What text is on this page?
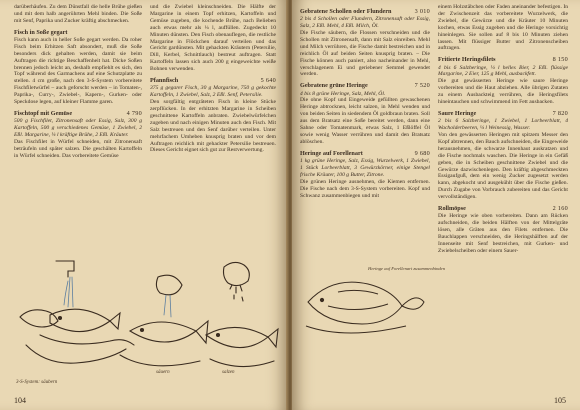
darüberhäufen. Zu dem Dünstfall die helle Brühe gießen und mit dem halb angerührten Mehl binden. Die Soße mit Senf, Paprika und Zucker kräftig abschmecken.

Fisch in Soße gegart

Fisch kann auch in heller Soße gegart werden. Da roher Fisch beim Erhitzen Saft absondert, muß die Soße besonders dick gehalten werden, damit sie beim Auftragen die richtige Beschaffenheit hat. Dicke Soßen brennen jedoch leicht an, deshalb empfiehlt es sich, den Topf während des Garmachens auf eine Schutzplatte zu stellen. 4 cm große, nach den 3-S-System vorbereitete Fischfiletwürfel – auch geforscht werden – in Tomaten-, Paprika-, Curry-, Zwiebel-, Kapern-, Gurken- oder Speckdose legen, auf kleiner Flamme garen.

Fischtopf mit Gemüse	4 790

500 g Fischfilet, Zitronensaft oder Essig, Salz, 300 g Kartoffeln, 500 g verschiedenes Gemüse, 1 Zwiebel, 2 Eßl. Margarine, ¼ l kräftige Brühe, 2 Eßl. Kräuter.

Das Fischfilet in Würfel schneiden, mit Zitronensaft beträufeln und später salzen. Die geschälten Kartoffeln in Würfel schneiden. Das vorbereitete Gemüse

und die Zwiebel kleinschneiden. Die Hälfte der Margarine in einem Topf erhitzen, Kartoffeln und Gemüse zugeben, die kochende Brühe, nach Belieben auch etwas mehr als ¼ l, auffüllen. Zugedeckt 10 Minuten dünsten. Den Fisch obenauflegen, die restliche Margarine in Flöckchen darauf verteilen und das Gericht gardünsten. Mit gehackten Kräutern (Petersilie, Dill, Kerbel, Schnittlauch) bestreut auftragen. Statt Kartoffeln lassen sich auch 200 g eingeweichte weiße Bohnen verwenden.

Pfannfisch	5 640

375 g gegarer Fisch, 30 g Margarine, 750 g gekochte Kartoffeln, 1 Zwiebel, Salz, 2 Eßl. Senf, Petersilie.

Den sorgfältig entgräteten Fisch in kleine Stücke zerpflücken. In der erhitzten Margarine in Scheiben geschnittene Kartoffeln anbraten. Zwiebelwürfelchen zugeben und nach einigen Minuten auch den Fisch. Mit Salz bestreuen und den Senf darüber verteilen. Unter mehrfachem Umheben knusprig braten und vor dem Auftragen reichlich mit gehackter Petersilie bestreuen. Dieses Gericht eignet sich gut zur Restverwertung.

3-S-System: säubern
säuern	salzen
104
Gebratene Schollen oder Flundern	3 010

2 bis 4 Schollen oder Flundern, Zitronensaft oder Essig, Salz, 2 Eßl. Mehl, 4 Eßl. Milch, Öl.

Die Fische säubern, die Flossen verschneiden und die Schollen mit Zitronensaft, dann mit Salz einreiben. Mehl und Milch verrühren, die Fische damit bestreichen und in reichlich Öl auf beiden Seiten knusprig braten. – Die Fische können auch paniert, also nacheinander in Mehl, verschlagenem Ei und geriebener Semmel gewendet werden.

Gebratene grüne Heringe	7 520

4 bis 8 grüne Heringe, Salz, Mehl, Öl.

Die ohne Kopf und Eingeweide gefüllten gewaschenen Heringe abtrocknen, leicht salzen, in Mehl wenden und von beiden Seiten in siedendem Öl goldbraun braten. Soll aus dem Bratsatz eine Soße bereitet werden, dann eine Sahne oder Tomatenmark, etwas Salz, 1 Eßlöffel Öl sowie wenig Wasser verrühren und damit den Bratsatz ablöschen.

Heringe auf Forellenart	9 680

1 kg grüne Heringe, Salz, Essig, Wurzelwerk, 1 Zwiebel, 1 Stück Lorbeerblatt, 3 Gewürzkörner, einige Stengel frische Kräuter, 100 g Butter, Zitrone.

Die grünen Heringe ausnehmen, die Kiemen entfernen. Die Fische nach dem 3-S-System vorbereiten. Kopf und Schwanz zusammenbiegen und mit

Heringe auf Forellenart zusammenbinden

einem Holzstäbchen oder Faden aneinander befestigen. In der Zwischenzeit das vorbereitete Wurzelwerk, die Zwiebel, die Gewürze und die Kräuter 10 Minuten kochen, etwas Essig zugeben und die Heringe vorsichtig hineinlegen. Sie sollen auf 8 bis 10 Minuten ziehen lassen. Mit flüssiger Butter und Zitronenscheiben auftragen.

Fritierte Heringsfilets	8 150

4 bis 6 Salzheringe, ¼ l helles Bier, 2 Eßl. flüssige Margarine, 2 Eier, 125 g Mehl, ausbackfett.

Die gut gewässerten Heringe wie saure Heringe vorbereiten und die Haut abziehen. Alle übrigen Zutaten zu einem Ausbackteig verrühren, die Heringsfilets hineintauchen und schwimmend im Fett ausbacken.

Saure Heringe	7 820

2 bis 6 Salzheringe, 1 Zwiebel, 1 Lorbeerblatt, 4 Wacholderbeeren, ¼ l Weinessig, Wasser.

Von den gewässerten Heringen mit spitzem Messer den Kopf abtrennen, den Bauch aufschneiden, die Eingeweide herausnehmen, die schwarze Innenhaut auskratzen und die Fische nochmals waschen. Die Heringe in ein Gefäß geben, die in Scheiben geschnittene Zwiebel und die Gewürze dazwischenlegen. Den kräftig abgeschmeckten Essigaufguß, dem ein wenig Zucker zugesetzt werden kann, abgekocht und ausgekühlt über die Fische gießen. Durch Zugabe von Vorbrauch zubereiten und das Gericht vervollständigen.

Rollmöpse	2 160

Die Heringe wie oben vorbereiten. Dann am Rücken aufschneiden, die beiden Hälften von der Mittelgräte lösen, alle Gräten aus den Filets entfernen. Die Bauchlappen verschneiden, die Heringshälften auf der Innenseite mit Senf bestreichen, mit Gurken- und Zwiebelscheiben oder einem Sauer-

105
